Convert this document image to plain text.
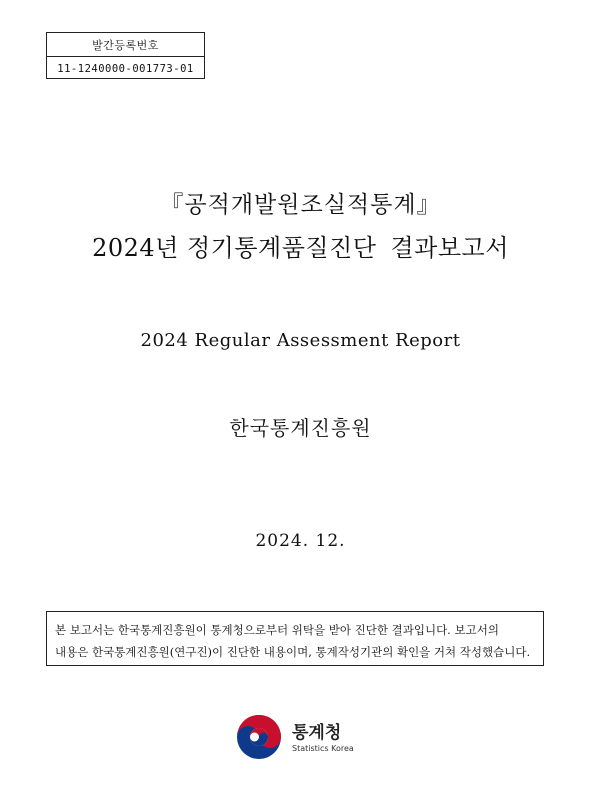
발간등록번호
11-1240000-001773-01
『공적개발원조실적통계』
2024년 정기통계품질진단 결과보고서
2024 Regular Assessment Report
한국통계진흥원
2024. 12.

본 보고서는 한국통계진흥원이 통계청으로부터 위탁을 받아 진단한 결과입니다. 보고서의

내용은 한국통계진흥원(연구진)이 진단한 내용이며, 통계작성기관의 확인을 거쳐 작성했습니다.

통계청
Statistics Korea
